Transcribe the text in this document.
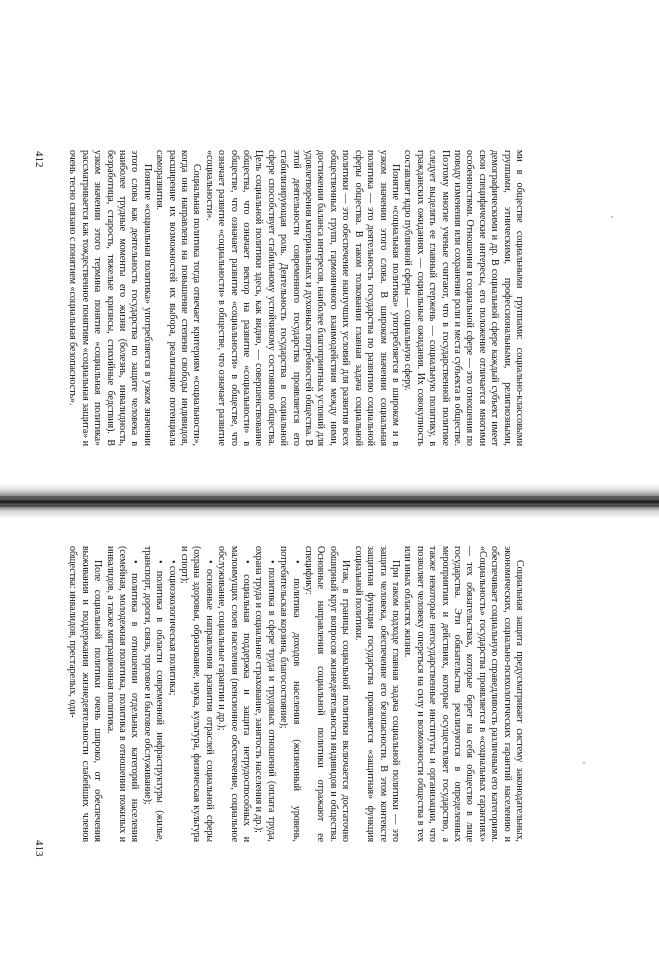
ми в обществе социальными группами: социально-классовыми группами, этническими, профессиональными, религиозными, демографическими и др. В социальной сфере каждый субъект имеет свои специфические интересы, его положение отличается многими особенностями. Отношения в социальной сфере — это отношения по поводу изменения или сохранения роли и места субъекта в обществе. Поэтому многие ученые считают, что в государственной политике следует выделять ее главный стержень — социальную политику, в гражданских ожиданиях — социальные ожидания. Их совокупность составляет ядро публичной сферы — социальную сферу.

Понятие «социальная политика» употребляется в широком и в узком значении этого слова. В широком значении социальная политика — это деятельность государства по развитию социальной сферы общества. В таком толковании главная задача социальной политики — это обеспечение наилучших условий для развития всех общественных групп, гармоничного взаимодействия между ними, достижения баланса интересов, наиболее благоприятных условий для удовлетворения материальных и духовных потребностей общества. В этой деятельности современного государства проявляется его стабилизирующая роль. Деятельность государства в социальной сфере способствует стабильному устойчивому состоянию общества. Цель социальной политики здесь, как видно, — совершенствование общества, что означает вектор на развитие «социальности» в обществе, что означает развитие «социальности» в обществе, что означает развитие «социальности» в обществе, что означает развитие «социальности».

Социальная политика тогда отвечает критериям «социальности», когда она направлена на повышение степени свободы индивидов, расширение их возможностей их выбора, реализацию потенциала саморазвития.

Понятие «социальная политика» употребляется в узком значении этого слова как деятельность государства по защите человека в наиболее трудные моменты его жизни (болезнь, инвалидность, безработица, старость, тяжелые кризисы, стихийные бедствия). В узком значении этого термина понятие «социальная политика» рассматривается как тождественное понятиям «социальная защита» и очень тесно связано с понятием «социальная безопасность».

412

Социальная защита предусматривает систему законодательных, экономических, социально-психологических гарантий населению и обеспечивает социальную справедливость различным его категориям. «Социальность» государства проявляется в «социальных гарантиях» — тех обязательствах, которые берет на себя общество в лице государства. Эти обязательства реализуются в определенных мероприятиях и действиях, которые осуществляет государство, а также некоторые негосударственные институты и организации, что позволяет человеку опереться на силу и возможности общества в тех или иных областях жизни.

При таком подходе главная задача социальной политики — это защита человека, обеспечение его безопасности. В этом контексте защитная функция государства проявляется «защитная» функция социальной политики.

Итак, в границы социальной политики включается достаточно обширный круг вопросов жизнедеятельности индивидов и общества. Основные направления социальной политики отражают ее специфику:

• политика доходов населения (жизненный уровень, потребительская корзина, благосостояние);
• политика в сфере труда и трудовых отношений (оплата труда, охрана труда и социальное страхование, занятость населения и др.);
• социальная поддержка и защита нетрудоспособных и малоимущих слоев населения (пенсионное обеспечение, социальное обслуживание, социальные гарантии и др.);
• основные направления развития отраслей социальной сферы (охрана здоровья, образование, наука, культура, физическая культура и спорт);
• социоэкологическая политика;
• политика в области современной инфраструктуры (жилье, транспорт, дороги, связь, торговое и бытовое обслуживание);
• политика в отношении отдельных категорий населения (семейная, молодежная политика, политика в отношении пожилых и инвалидов, а также миграционная политика.

Поле социальной политики очень широко, от обеспечения выживания и поддержания жизнедеятельности слабейших членов общества: инвалидов, престарелых, оди-

413
